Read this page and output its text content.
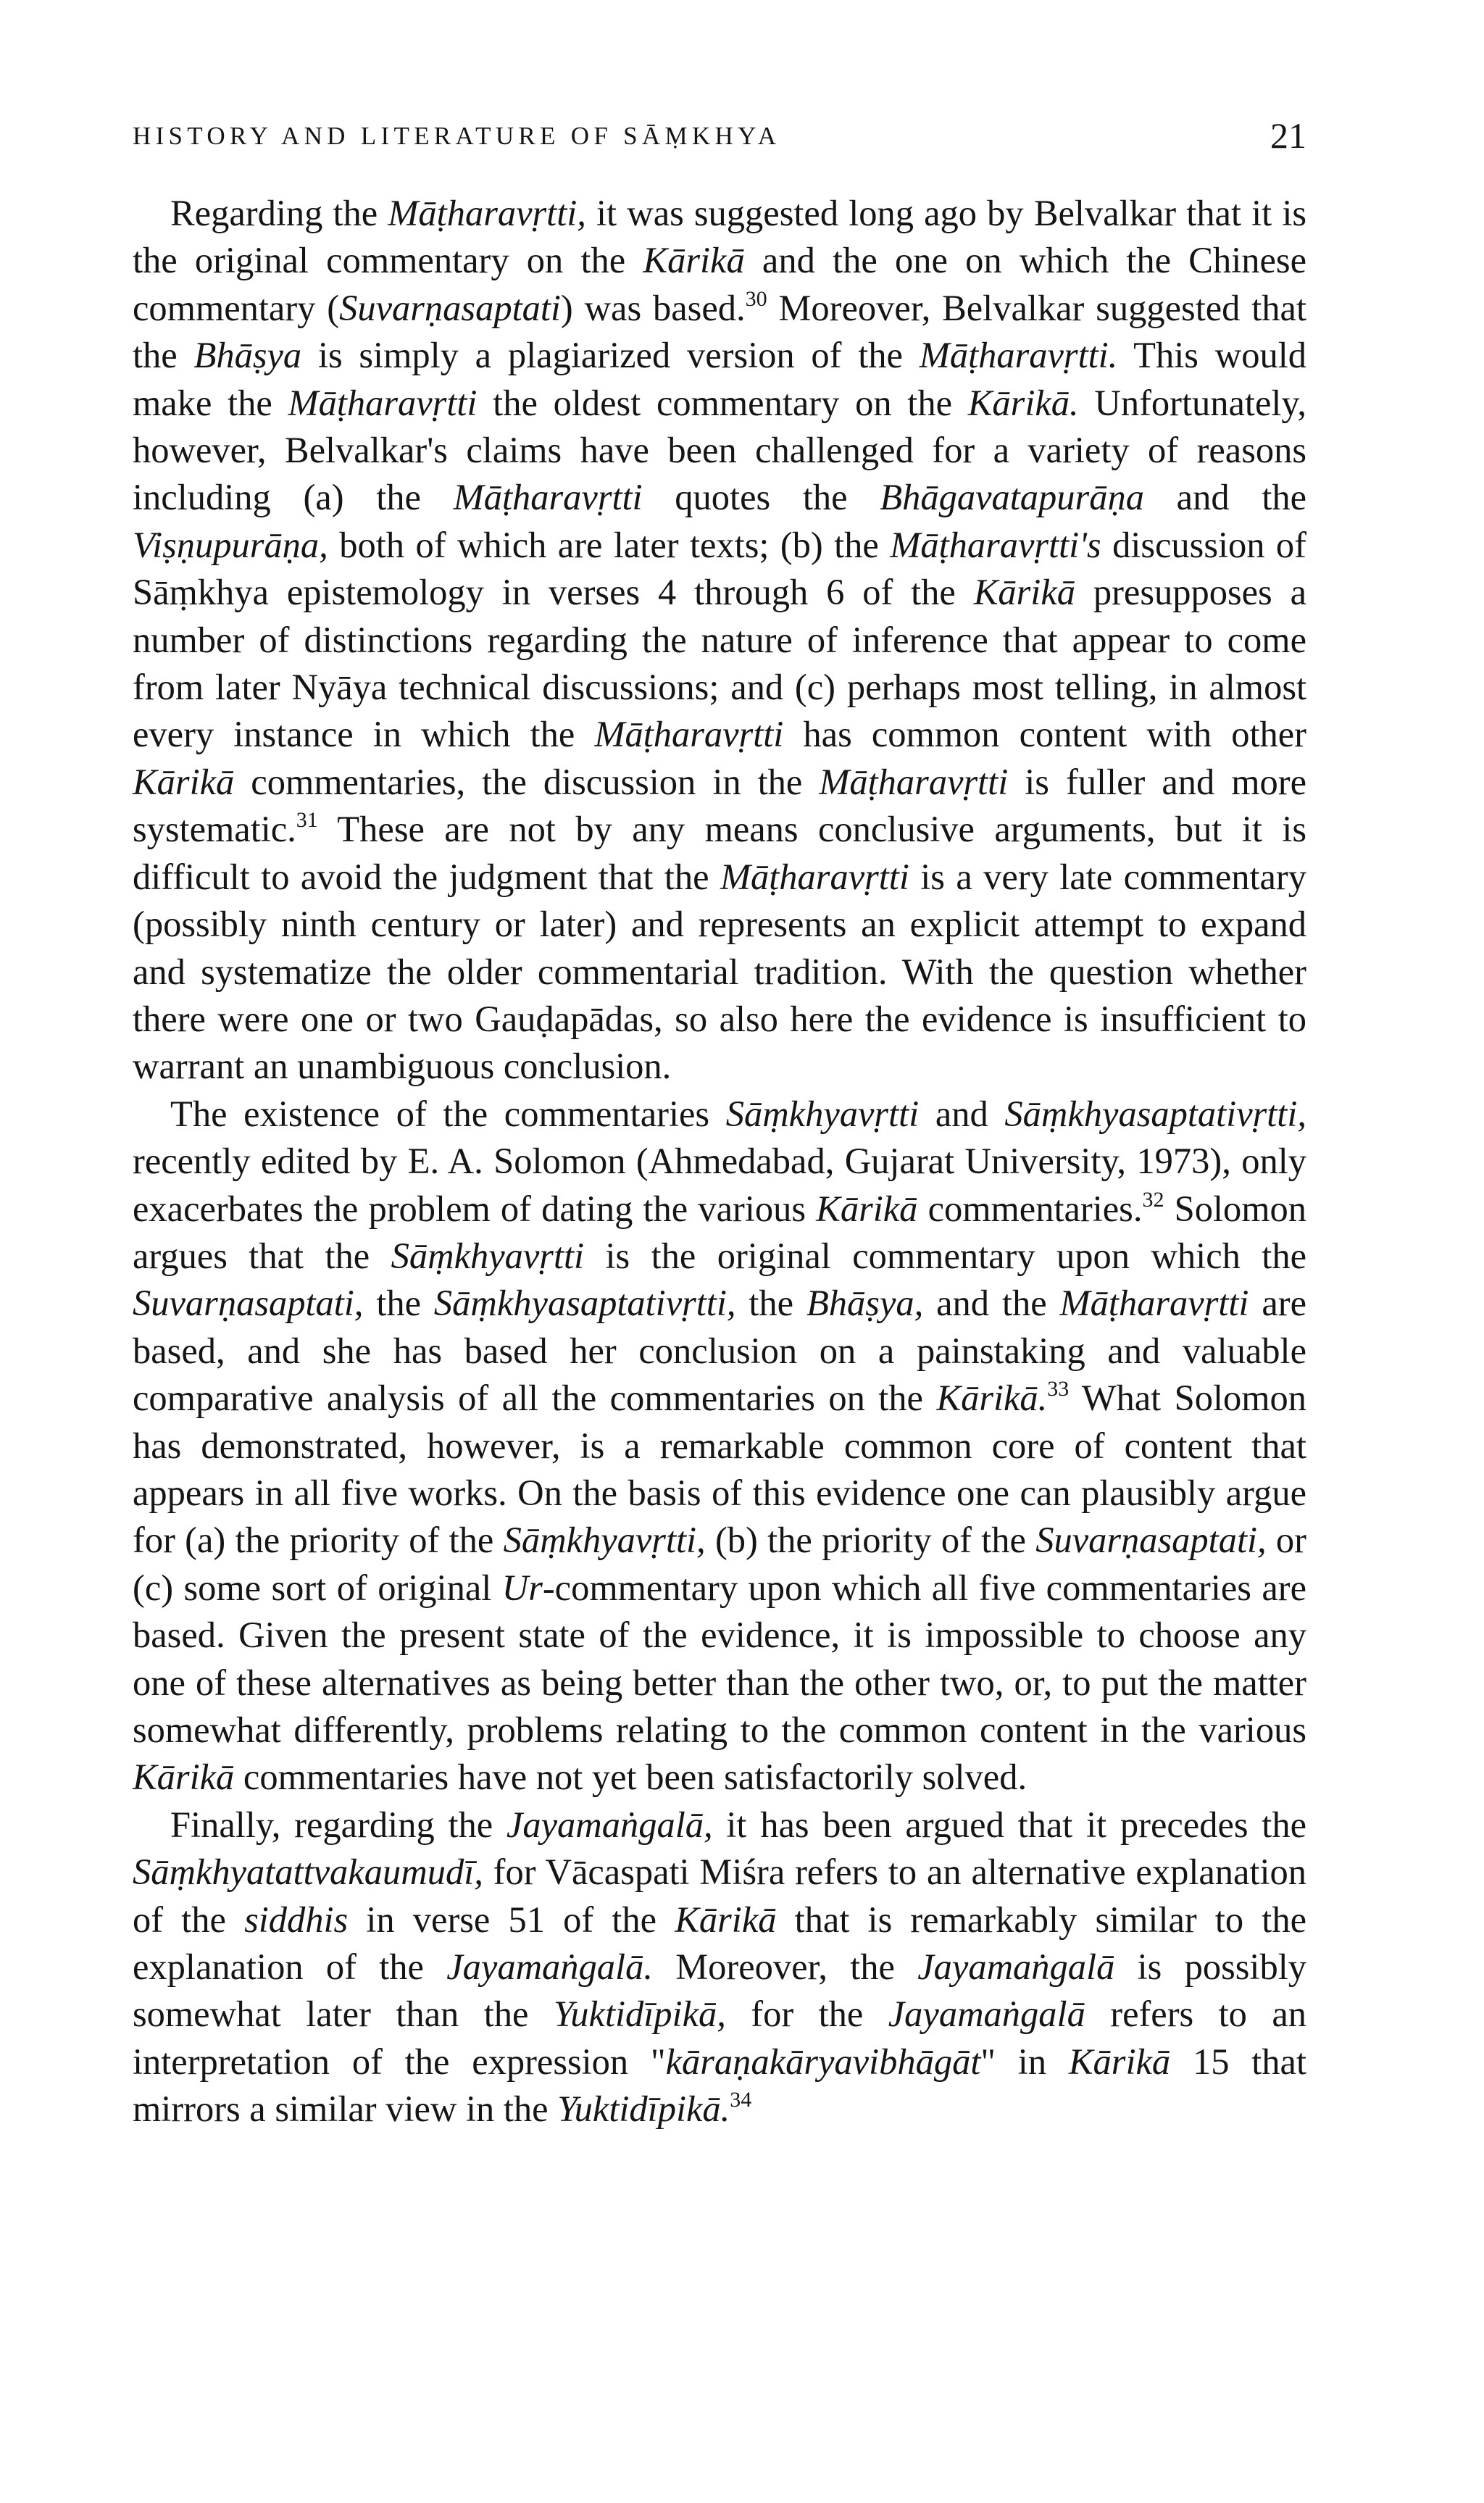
HISTORY AND LITERATURE OF SĀṂKHYA	21

Regarding the Māṭharavṛtti, it was suggested long ago by Belvalkar that it is the original commentary on the Kārikā and the one on which the Chinese commentary (Suvarṇasaptati) was based.$^{30}$ Moreover, Belvalkar suggested that the Bhāṣya is simply a plagiarized version of the Māṭharavṛtti. This would make the Māṭharavṛtti the oldest commentary on the Kārikā. Unfortunately, however, Belvalkar's claims have been challenged for a variety of reasons including (a) the Māṭharavṛtti quotes the Bhāgavatapurāṇa and the Viṣṇupurāṇa, both of which are later texts; (b) the Māṭharavṛtti's discussion of Sāṃkhya epistemology in verses 4 through 6 of the Kārikā presupposes a number of distinctions regarding the nature of inference that appear to come from later Nyāya technical discussions; and (c) perhaps most telling, in almost every instance in which the Māṭharavṛtti has common content with other Kārikā commentaries, the discussion in the Māṭharavṛtti is fuller and more systematic.$^{31}$ These are not by any means conclusive arguments, but it is difficult to avoid the judgment that the Māṭharavṛtti is a very late commentary (possibly ninth century or later) and represents an explicit attempt to expand and systematize the older commentarial tradition. With the question whether there were one or two Gauḍapādas, so also here the evidence is insufficient to warrant an unambiguous conclusion.

The existence of the commentaries Sāṃkhyavṛtti and Sāṃkhyasaptativṛtti, recently edited by E. A. Solomon (Ahmedabad, Gujarat University, 1973), only exacerbates the problem of dating the various Kārikā commentaries.$^{32}$ Solomon argues that the Sāṃkhyavṛtti is the original commentary upon which the Suvarṇasaptati, the Sāṃkhyasaptativṛtti, the Bhāṣya, and the Māṭharavṛtti are based, and she has based her conclusion on a painstaking and valuable comparative analysis of all the commentaries on the Kārikā.$^{33}$ What Solomon has demonstrated, however, is a remarkable common core of content that appears in all five works. On the basis of this evidence one can plausibly argue for (a) the priority of the Sāṃkhyavṛtti, (b) the priority of the Suvarṇasaptati, or (c) some sort of original Ur-commentary upon which all five commentaries are based. Given the present state of the evidence, it is impossible to choose any one of these alternatives as being better than the other two, or, to put the matter somewhat differently, problems relating to the common content in the various Kārikā commentaries have not yet been satisfactorily solved.

Finally, regarding the Jayamaṅgalā, it has been argued that it precedes the Sāṃkhyatattvakaumudī, for Vācaspati Miśra refers to an alternative explanation of the siddhis in verse 51 of the Kārikā that is remarkably similar to the explanation of the Jayamaṅgalā. Moreover, the Jayamaṅgalā is possibly somewhat later than the Yuktidīpikā, for the Jayamaṅgalā refers to an interpretation of the expression "kāraṇakāryavibhāgāt" in Kārikā 15 that mirrors a similar view in the Yuktidīpikā.$^{34}$
